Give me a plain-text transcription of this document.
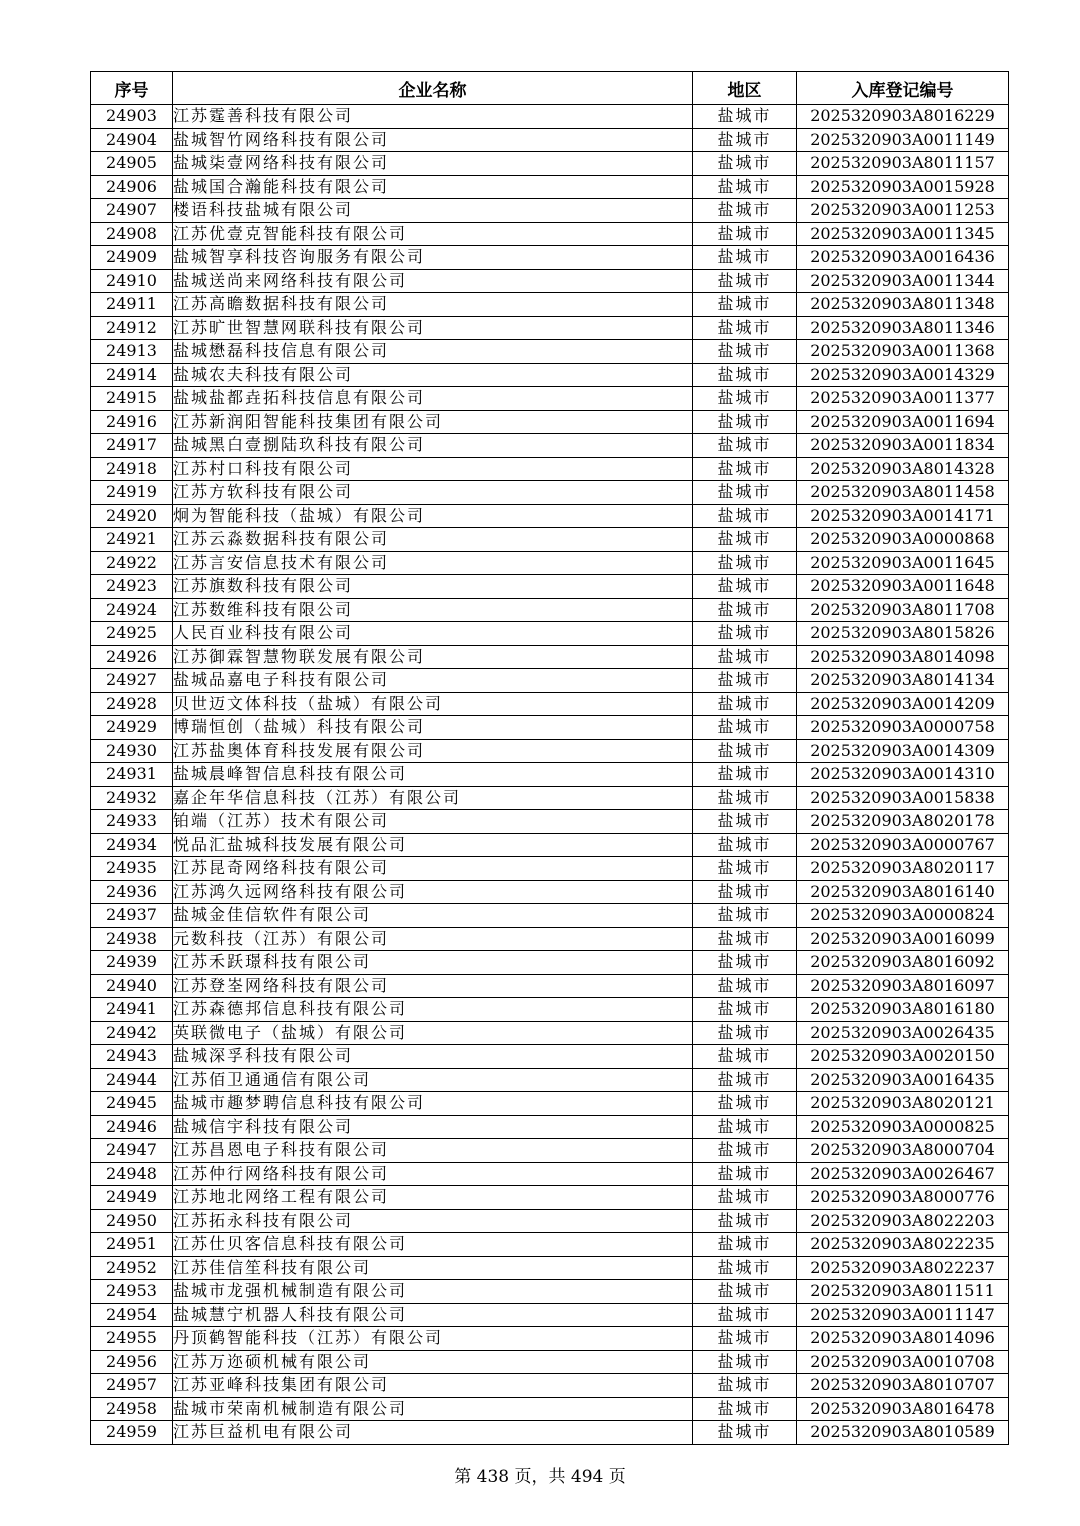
序号	企业名称	地区	入库登记编号
24903	江苏霆善科技有限公司	盐城市	2025320903A8016229
24904	盐城智竹网络科技有限公司	盐城市	2025320903A0011149
24905	盐城柒壹网络科技有限公司	盐城市	2025320903A8011157
24906	盐城国合瀚能科技有限公司	盐城市	2025320903A0015928
24907	楼语科技盐城有限公司	盐城市	2025320903A0011253
24908	江苏优壹克智能科技有限公司	盐城市	2025320903A0011345
24909	盐城智享科技咨询服务有限公司	盐城市	2025320903A0016436
24910	盐城送尚来网络科技有限公司	盐城市	2025320903A0011344
24911	江苏高瞻数据科技有限公司	盐城市	2025320903A8011348
24912	江苏旷世智慧网联科技有限公司	盐城市	2025320903A8011346
24913	盐城懋磊科技信息有限公司	盐城市	2025320903A0011368
24914	盐城农夫科技有限公司	盐城市	2025320903A0014329
24915	盐城盐都垚拓科技信息有限公司	盐城市	2025320903A0011377
24916	江苏新润阳智能科技集团有限公司	盐城市	2025320903A0011694
24917	盐城黑白壹捌陆玖科技有限公司	盐城市	2025320903A0011834
24918	江苏村口科技有限公司	盐城市	2025320903A8014328
24919	江苏方软科技有限公司	盐城市	2025320903A8011458
24920	炯为智能科技（盐城）有限公司	盐城市	2025320903A0014171
24921	江苏云淼数据科技有限公司	盐城市	2025320903A0000868
24922	江苏言安信息技术有限公司	盐城市	2025320903A0011645
24923	江苏旗数科技有限公司	盐城市	2025320903A0011648
24924	江苏数维科技有限公司	盐城市	2025320903A8011708
24925	人民百业科技有限公司	盐城市	2025320903A8015826
24926	江苏御霖智慧物联发展有限公司	盐城市	2025320903A8014098
24927	盐城品嘉电子科技有限公司	盐城市	2025320903A8014134
24928	贝世迈文体科技（盐城）有限公司	盐城市	2025320903A0014209
24929	博瑞恒创（盐城）科技有限公司	盐城市	2025320903A0000758
24930	江苏盐奥体育科技发展有限公司	盐城市	2025320903A0014309
24931	盐城晨峰智信息科技有限公司	盐城市	2025320903A0014310
24932	嘉企年华信息科技（江苏）有限公司	盐城市	2025320903A0015838
24933	铂端（江苏）技术有限公司	盐城市	2025320903A8020178
24934	悦品汇盐城科技发展有限公司	盐城市	2025320903A0000767
24935	江苏昆奇网络科技有限公司	盐城市	2025320903A8020117
24936	江苏鸿久远网络科技有限公司	盐城市	2025320903A8016140
24937	盐城金佳信软件有限公司	盐城市	2025320903A0000824
24938	元数科技（江苏）有限公司	盐城市	2025320903A0016099
24939	江苏禾跃璟科技有限公司	盐城市	2025320903A8016092
24940	江苏登峑网络科技有限公司	盐城市	2025320903A8016097
24941	江苏森德邦信息科技有限公司	盐城市	2025320903A8016180
24942	英联微电子（盐城）有限公司	盐城市	2025320903A0026435
24943	盐城深孚科技有限公司	盐城市	2025320903A0020150
24944	江苏佰卫通通信有限公司	盐城市	2025320903A0016435
24945	盐城市趣梦聘信息科技有限公司	盐城市	2025320903A8020121
24946	盐城信宇科技有限公司	盐城市	2025320903A0000825
24947	江苏昌恩电子科技有限公司	盐城市	2025320903A8000704
24948	江苏仲行网络科技有限公司	盐城市	2025320903A0026467
24949	江苏地北网络工程有限公司	盐城市	2025320903A8000776
24950	江苏拓永科技有限公司	盐城市	2025320903A8022203
24951	江苏仕贝客信息科技有限公司	盐城市	2025320903A8022235
24952	江苏佳信笙科技有限公司	盐城市	2025320903A8022237
24953	盐城市龙强机械制造有限公司	盐城市	2025320903A8011511
24954	盐城慧宁机器人科技有限公司	盐城市	2025320903A0011147
24955	丹顶鹤智能科技（江苏）有限公司	盐城市	2025320903A8014096
24956	江苏万迩硕机械有限公司	盐城市	2025320903A0010708
24957	江苏亚峰科技集团有限公司	盐城市	2025320903A8010707
24958	盐城市荣南机械制造有限公司	盐城市	2025320903A8016478
24959	江苏巨益机电有限公司	盐城市	2025320903A8010589
第 438 页，共 494 页
